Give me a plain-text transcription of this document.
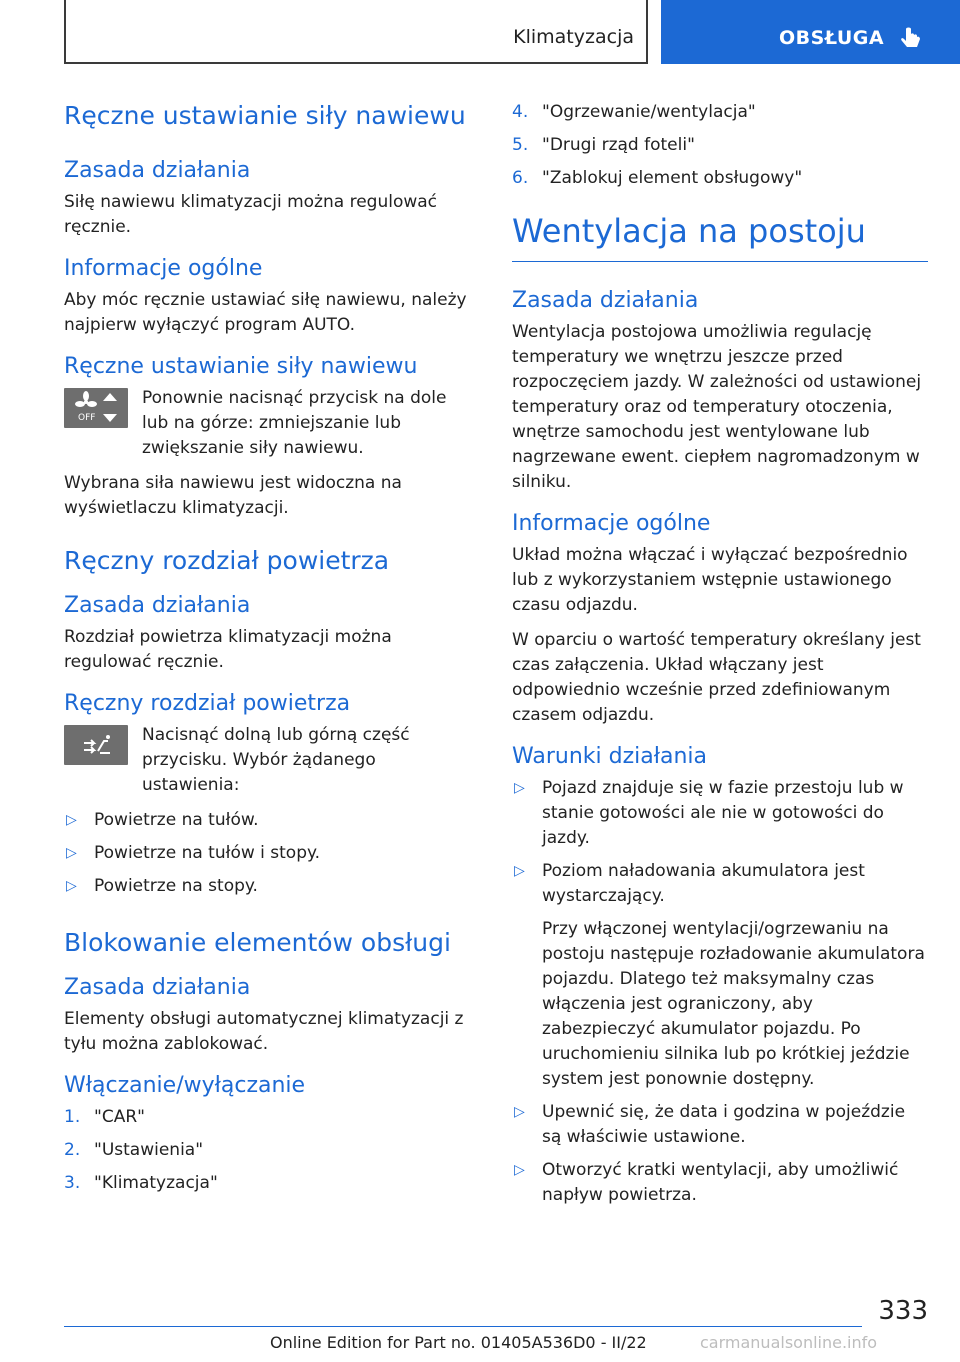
Klimatyzacja	OBSŁUGA
Ręczne ustawianie siły nawiewu
Zasada działania
Siłę nawiewu klimatyzacji można regulować ręcznie.
Informacje ogólne
Aby móc ręcznie ustawiać siłę nawiewu, należy najpierw wyłączyć program AUTO.
Ręczne ustawianie siły nawiewu
OFF
Ponownie nacisnąć przycisk na dole lub na górze: zmniejszanie lub zwiększanie siły nawiewu.
Wybrana siła nawiewu jest widoczna na wyświetlaczu klimatyzacji.
Ręczny rozdział powietrza
Zasada działania
Rozdział powietrza klimatyzacji można regulować ręcznie.
Ręczny rozdział powietrza
Nacisnąć dolną lub górną część przycisku. Wybór żądanego ustawienia:
▷ Powietrze na tułów.
▷ Powietrze na tułów i stopy.
▷ Powietrze na stopy.
Blokowanie elementów obsługi
Zasada działania
Elementy obsługi automatycznej klimatyzacji z tyłu można zablokować.
Włączanie/wyłączanie
1. "CAR"
2. "Ustawienia"
3. "Klimatyzacja"
4. "Ogrzewanie/wentylacja"
5. "Drugi rząd foteli"
6. "Zablokuj element obsługowy"
Wentylacja na postoju
Zasada działania
Wentylacja postojowa umożliwia regulację temperatury we wnętrzu jeszcze przed rozpoczęciem jazdy. W zależności od ustawionej temperatury oraz od temperatury otoczenia, wnętrze samochodu jest wentylowane lub nagrzewane ewent. ciepłem nagromadzonym w silniku.
Informacje ogólne
Układ można włączać i wyłączać bezpośrednio lub z wykorzystaniem wstępnie ustawionego czasu odjazdu.
W oparciu o wartość temperatury określany jest czas załączenia. Układ włączany jest odpowiednio wcześnie przed zdefiniowanym czasem odjazdu.
Warunki działania
▷ Pojazd znajduje się w fazie przestoju lub w stanie gotowości ale nie w gotowości do jazdy.
▷ Poziom naładowania akumulatora jest wystarczający.
Przy włączonej wentylacji/ogrzewaniu na postoju następuje rozładowanie akumulatora pojazdu. Dlatego też maksymalny czas włączenia jest ograniczony, aby zabezpieczyć akumulator pojazdu. Po uruchomieniu silnika lub po krótkiej jeździe system jest ponownie dostępny.
▷ Upewnić się, że data i godzina w pojeździe są właściwie ustawione.
▷ Otworzyć kratki wentylacji, aby umożliwić napływ powietrza.
333
Online Edition for Part no. 01405A536D0 - II/22	carmanualsonline.info
